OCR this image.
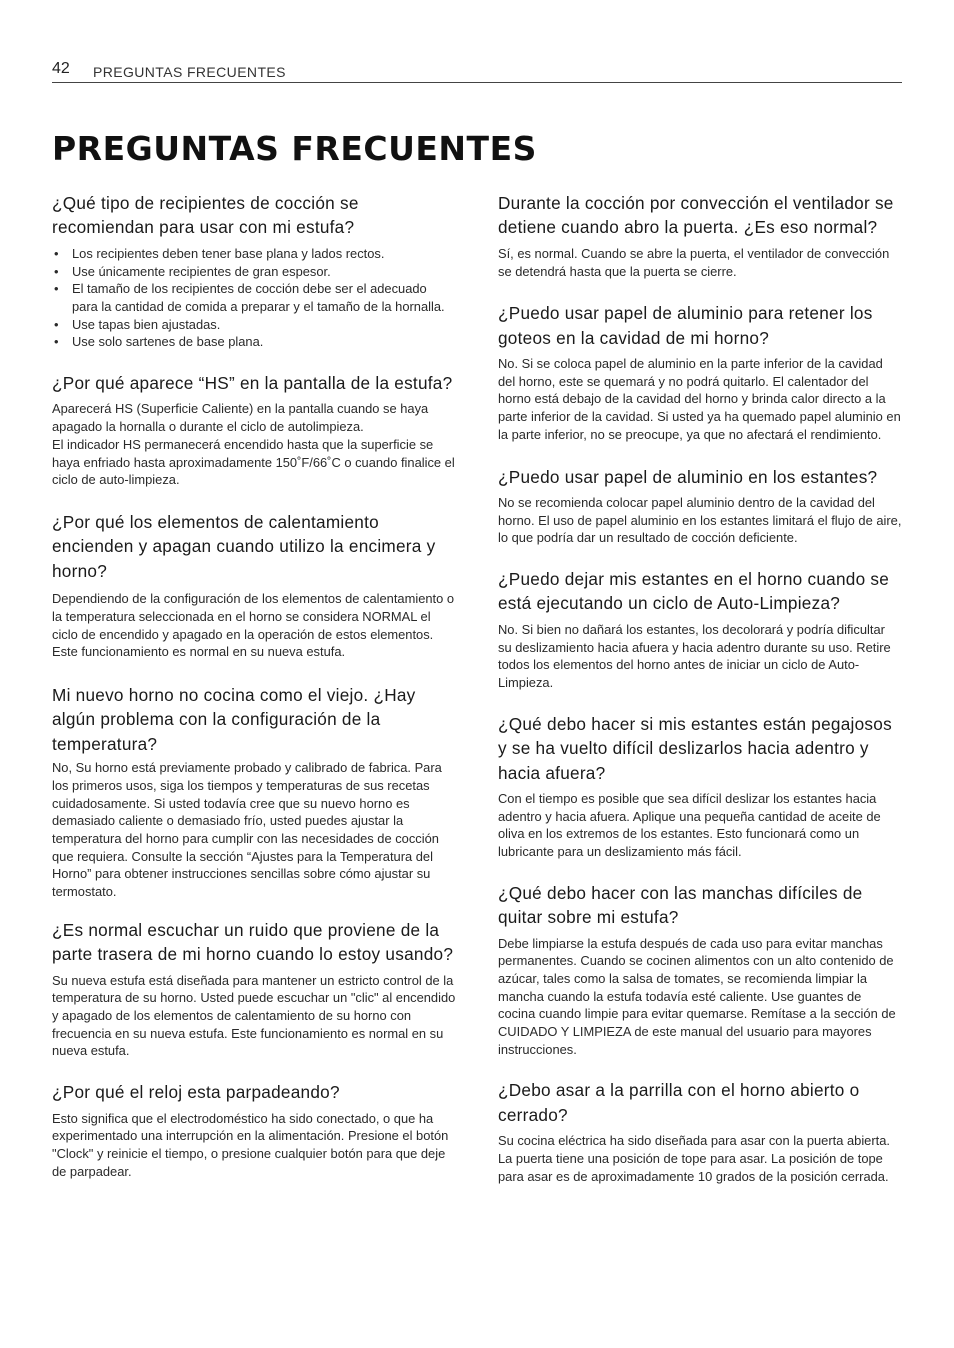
42 PREGUNTAS FRECUENTES
PREGUNTAS FRECUENTES
¿Qué tipo de recipientes de cocción se recomiendan para usar con mi estufa?
• Los recipientes deben tener base plana y lados rectos.
• Use únicamente recipientes de gran espesor.
• El tamaño de los recipientes de cocción debe ser el adecuado para la cantidad de comida a preparar y el tamaño de la hornalla.
• Use tapas bien ajustadas.
• Use solo sartenes de base plana.
¿Por qué aparece “HS” en la pantalla de la estufa?

Aparecerá HS (Superficie Caliente) en la pantalla cuando se haya apagado la hornalla o durante el ciclo de autolimpieza.
El indicador HS permanecerá encendido hasta que la superficie se haya enfriado hasta aproximadamente 150˚F/66˚C o cuando finalice el ciclo de auto-limpieza.

¿Por qué los elementos de calentamiento encienden y apagan cuando utilizo la encimera y horno?

Dependiendo de la configuración de los elementos de calentamiento o la temperatura seleccionada en el horno se considera NORMAL el ciclo de encendido y apagado en la operación de estos elementos. Este funcionamiento es normal en su nueva estufa.

Mi nuevo horno no cocina como el viejo. ¿Hay algún problema con la configuración de la temperatura?

No, Su horno está previamente probado y calibrado de fabrica. Para los primeros usos, siga los tiempos y temperaturas de sus recetas cuidadosamente. Si usted todavía cree que su nuevo horno es demasiado caliente o demasiado frío, usted puedes ajustar la temperatura del horno para cumplir con las necesidades de cocción que requiera. Consulte la sección “Ajustes para la Temperatura del Horno” para obtener instrucciones sencillas sobre cómo ajustar su termostato.

¿Es normal escuchar un ruido que proviene de la parte trasera de mi horno cuando lo estoy usando?

Su nueva estufa está diseñada para mantener un estricto control de la temperatura de su horno. Usted puede escuchar un "clic" al encendido y apagado de los elementos de calentamiento de su horno con frecuencia en su nueva estufa. Este funcionamiento es normal en su nueva estufa.

¿Por qué el reloj esta parpadeando?

Esto significa que el electrodoméstico ha sido conectado, o que ha experimentado una interrupción en la alimentación. Presione el botón "Clock" y reinicie el tiempo, o presione cualquier botón para que deje de parpadear.

Durante la cocción por convección el ventilador se detiene cuando abro la puerta. ¿Es eso normal?

Sí, es normal. Cuando se abre la puerta, el ventilador de convección se detendrá hasta que la puerta se cierre.

¿Puedo usar papel de aluminio para retener los goteos en la cavidad de mi horno?

No. Si se coloca papel de aluminio en la parte inferior de la cavidad del horno, este se quemará y no podrá quitarlo. El calentador del horno está debajo de la cavidad del horno y brinda calor directo a la parte inferior de la cavidad. Si usted ya ha quemado papel aluminio en la parte inferior, no se preocupe, ya que no afectará el rendimiento.

¿Puedo usar papel de aluminio en los estantes?

No se recomienda colocar papel aluminio dentro de la cavidad del horno. El uso de papel aluminio en los estantes limitará el flujo de aire, lo que podría dar un resultado de cocción deficiente.

¿Puedo dejar mis estantes en el horno cuando se está ejecutando un ciclo de Auto-Limpieza?

No. Si bien no dañará los estantes, los decolorará y podría dificultar su deslizamiento hacia afuera y hacia adentro durante su uso. Retire todos los elementos del horno antes de iniciar un ciclo de Auto-Limpieza.

¿Qué debo hacer si mis estantes están pegajosos y se ha vuelto difícil deslizarlos hacia adentro y hacia afuera?

Con el tiempo es posible que sea difícil deslizar los estantes hacia adentro y hacia afuera. Aplique una pequeña cantidad de aceite de oliva en los extremos de los estantes. Esto funcionará como un lubricante para un deslizamiento más fácil.

¿Qué debo hacer con las manchas difíciles de quitar sobre mi estufa?

Debe limpiarse la estufa después de cada uso para evitar manchas permanentes. Cuando se cocinen alimentos con un alto contenido de azúcar, tales como la salsa de tomates, se recomienda limpiar la mancha cuando la estufa todavía esté caliente. Use guantes de cocina cuando limpie para evitar quemarse. Remítase a la sección de CUIDADO Y LIMPIEZA de este manual del usuario para mayores instrucciones.

¿Debo asar a la parrilla con el horno abierto o cerrado?

Su cocina eléctrica ha sido diseñada para asar con la puerta abierta. La puerta tiene una posición de tope para asar. La posición de tope para asar es de aproximadamente 10 grados de la posición cerrada.
